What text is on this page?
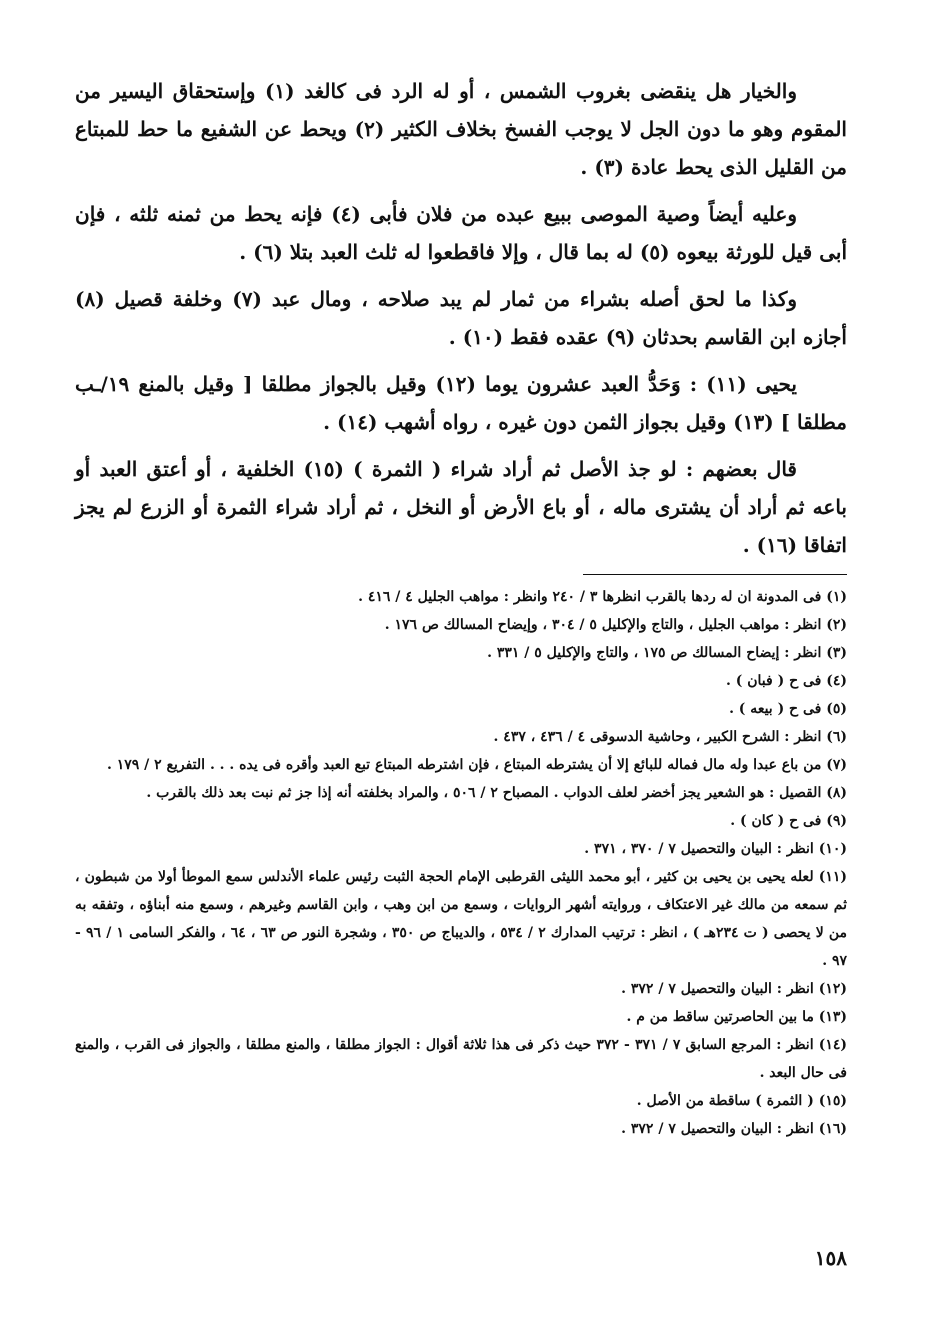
والخيار هل ينقضى بغروب الشمس ، أو له الرد فى كالغد (١) وإستحقاق اليسير من المقوم وهو ما دون الجل لا يوجب الفسخ بخلاف الكثير (٢) ويحط عن الشفيع ما حط للمبتاع من القليل الذى يحط عادة (٣) .

وعليه أيضاً وصية الموصى ببيع عبده من فلان فأبى (٤) فإنه يحط من ثمنه ثلثه ، فإن أبى قيل للورثة بيعوه (٥) له بما قال ، وإلا فاقطعوا له ثلث العبد بتلا (٦) .

وكذا ما لحق أصله بشراء من ثمار لم يبد صلاحه ، ومال عبد (٧) وخلفة قصيل (٨) أجازه ابن القاسم بحدثان (٩) عقده فقط (١٠) .

يحيى (١١) : وَحَدُّ العبد عشرون يوما (١٢) وقيل بالجواز مطلقا [ وقيل بالمنع ١٩/ـب مطلقا ] (١٣) وقيل بجواز الثمن دون غيره ، رواه أشهب (١٤) .

قال بعضهم : لو جذ الأصل ثم أراد شراء ( الثمرة ) (١٥) الخلفية ، أو أعتق العبد أو باعه ثم أراد أن يشترى ماله ، أو باع الأرض أو النخل ، ثم أراد شراء الثمرة أو الزرع لم يجز اتفاقا (١٦) .

(١) فى المدونة ان له ردها بالقرب انظرها ٣ / ٢٤٠ وانظر : مواهب الجليل ٤ / ٤١٦ .
(٢) انظر : مواهب الجليل ، والتاج والإكليل ٥ / ٣٠٤ ، وإيضاح المسالك ص ١٧٦ .
(٣) انظر : إيضاح المسالك ص ١٧٥ ، والتاج والإكليل ٥ / ٣٣١ .
(٤) فى ح ( فبان ) .
(٥) فى ح ( بيعه ) .
(٦) انظر : الشرح الكبير ، وحاشية الدسوقى ٤ / ٤٣٦ ، ٤٣٧ .
(٧) من باع عبدا وله مال فماله للبائع إلا أن يشترطه المبتاع ، فإن اشترطه المبتاع تبع العبد وأقره فى يده . . . التفريع ٢ / ١٧٩ .
(٨) القصيل : هو الشعير يجز أخضر لعلف الدواب . المصباح ٢ / ٥٠٦ ، والمراد بخلفته أنه إذا جز ثم نبت بعد ذلك بالقرب .
(٩) فى ح ( كان ) .
(١٠) انظر : البيان والتحصيل ٧ / ٣٧٠ ، ٣٧١ .
(١١) لعله يحيى بن يحيى بن كثير ، أبو محمد الليثى القرطبى الإمام الحجة الثبت رئيس علماء الأندلس سمع الموطأ أولا من شبطون ، ثم سمعه من مالك غير الاعتكاف ، وروايته أشهر الروايات ، وسمع من ابن وهب ، وابن القاسم وغيرهم ، وسمع منه أبناؤه ، وتفقه به من لا يحصى ( ت ٢٣٤هـ ) ، انظر : ترتيب المدارك ٢ / ٥٣٤ ، والديباج ص ٣٥٠ ، وشجرة النور ص ٦٣ ، ٦٤ ، والفكر السامى ١ / ٩٦ - ٩٧ .
(١٢) انظر : البيان والتحصيل ٧ / ٣٧٢ .
(١٣) ما بين الحاصرتين ساقط من م .
(١٤) انظر : المرجع السابق ٧ / ٣٧١ - ٣٧٢ حيث ذكر فى هذا ثلاثة أقوال : الجواز مطلقا ، والمنع مطلقا ، والجواز فى القرب ، والمنع فى حال البعد .
(١٥) ( الثمرة ) ساقطة من الأصل .
(١٦) انظر : البيان والتحصيل ٧ / ٣٧٢ .
١٥٨
